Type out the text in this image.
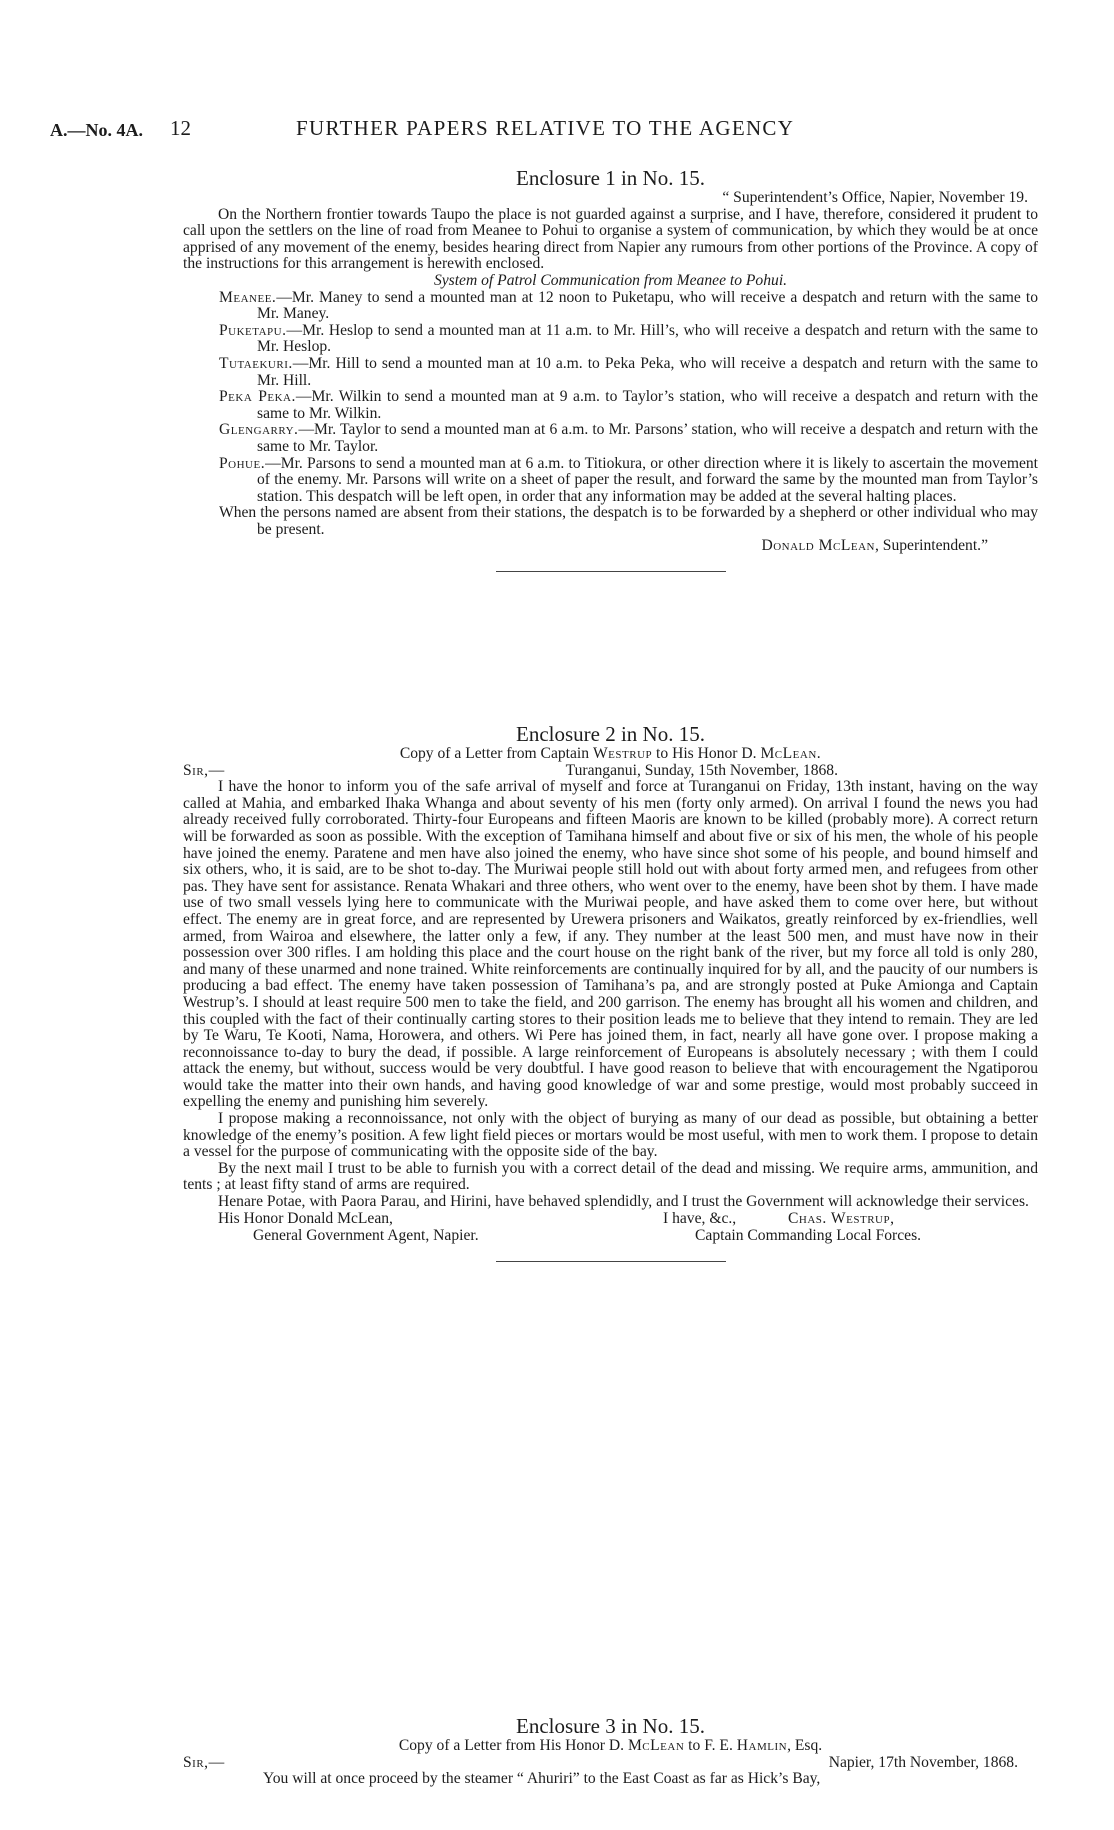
A.—No. 4A. 12	FURTHER PAPERS RELATIVE TO THE AGENCY
Enclosure 1 in No. 15.
“ Superintendent’s Office, Napier, November 19.

On the Northern frontier towards Taupo the place is not guarded against a surprise, and I have, therefore, considered it prudent to call upon the settlers on the line of road from Meanee to Pohui to organise a system of communication, by which they would be at once apprised of any movement of the enemy, besides hearing direct from Napier any rumours from other portions of the Province. A copy of the instructions for this arrangement is herewith enclosed.

System of Patrol Communication from Meanee to Pohui.
Meanee.—Mr. Maney to send a mounted man at 12 noon to Puketapu, who will receive a despatch and return with the same to Mr. Maney.
Puketapu.—Mr. Heslop to send a mounted man at 11 a.m. to Mr. Hill’s, who will receive a despatch and return with the same to Mr. Heslop.
Tutaekuri.—Mr. Hill to send a mounted man at 10 a.m. to Peka Peka, who will receive a despatch and return with the same to Mr. Hill.
Peka Peka.—Mr. Wilkin to send a mounted man at 9 a.m. to Taylor’s station, who will receive a despatch and return with the same to Mr. Wilkin.
Glengarry.—Mr. Taylor to send a mounted man at 6 a.m. to Mr. Parsons’ station, who will receive a despatch and return with the same to Mr. Taylor.
Pohue.—Mr. Parsons to send a mounted man at 6 a.m. to Titiokura, or other direction where it is likely to ascertain the movement of the enemy. Mr. Parsons will write on a sheet of paper the result, and forward the same by the mounted man from Taylor’s station. This despatch will be left open, in order that any information may be added at the several halting places.
When the persons named are absent from their stations, the despatch is to be forwarded by a shepherd or other individual who may be present.
Donald McLean, Superintendent.”
Enclosure 2 in No. 15.
Copy of a Letter from Captain Westrup to His Honor D. McLean.
Sir,—	Turanganui, Sunday, 15th November, 1868.

I have the honor to inform you of the safe arrival of myself and force at Turanganui on Friday, 13th instant, having on the way called at Mahia, and embarked Ihaka Whanga and about seventy of his men (forty only armed). On arrival I found the news you had already received fully corroborated. Thirty-four Europeans and fifteen Maoris are known to be killed (probably more). A correct return will be forwarded as soon as possible. With the exception of Tamihana himself and about five or six of his men, the whole of his people have joined the enemy. Paratene and men have also joined the enemy, who have since shot some of his people, and bound himself and six others, who, it is said, are to be shot to-day. The Muriwai people still hold out with about forty armed men, and refugees from other pas. They have sent for assistance. Renata Whakari and three others, who went over to the enemy, have been shot by them. I have made use of two small vessels lying here to communicate with the Muriwai people, and have asked them to come over here, but without effect. The enemy are in great force, and are represented by Urewera prisoners and Waikatos, greatly reinforced by ex-friendlies, well armed, from Wairoa and elsewhere, the latter only a few, if any. They number at the least 500 men, and must have now in their possession over 300 rifles. I am holding this place and the court house on the right bank of the river, but my force all told is only 280, and many of these unarmed and none trained. White reinforcements are continually inquired for by all, and the paucity of our numbers is producing a bad effect. The enemy have taken possession of Tamihana’s pa, and are strongly posted at Puke Amionga and Captain Westrup’s. I should at least require 500 men to take the field, and 200 garrison. The enemy has brought all his women and children, and this coupled with the fact of their continually carting stores to their position leads me to believe that they intend to remain. They are led by Te Waru, Te Kooti, Nama, Horowera, and others. Wi Pere has joined them, in fact, nearly all have gone over. I propose making a reconnoissance to-day to bury the dead, if possible. A large reinforcement of Europeans is absolutely necessary ; with them I could attack the enemy, but without, success would be very doubtful. I have good reason to believe that with encouragement the Ngatiporou would take the matter into their own hands, and having good knowledge of war and some prestige, would most probably succeed in expelling the enemy and punishing him severely.

I propose making a reconnoissance, not only with the object of burying as many of our dead as possible, but obtaining a better knowledge of the enemy’s position. A few light field pieces or mortars would be most useful, with men to work them. I propose to detain a vessel for the purpose of communicating with the opposite side of the bay.

By the next mail I trust to be able to furnish you with a correct detail of the dead and missing. We require arms, ammunition, and tents ; at least fifty stand of arms are required.

Henare Potae, with Paora Parau, and Hirini, have behaved splendidly, and I trust the Government will acknowledge their services.

I have, &c.,
His Honor Donald McLean,
General Government Agent, Napier.
Chas. Westrup,
Captain Commanding Local Forces.
Enclosure 3 in No. 15.
Copy of a Letter from His Honor D. McLean to F. E. Hamlin, Esq.
Sir,—	Napier, 17th November, 1868.

You will at once proceed by the steamer “ Ahuriri” to the East Coast as far as Hick’s Bay,
